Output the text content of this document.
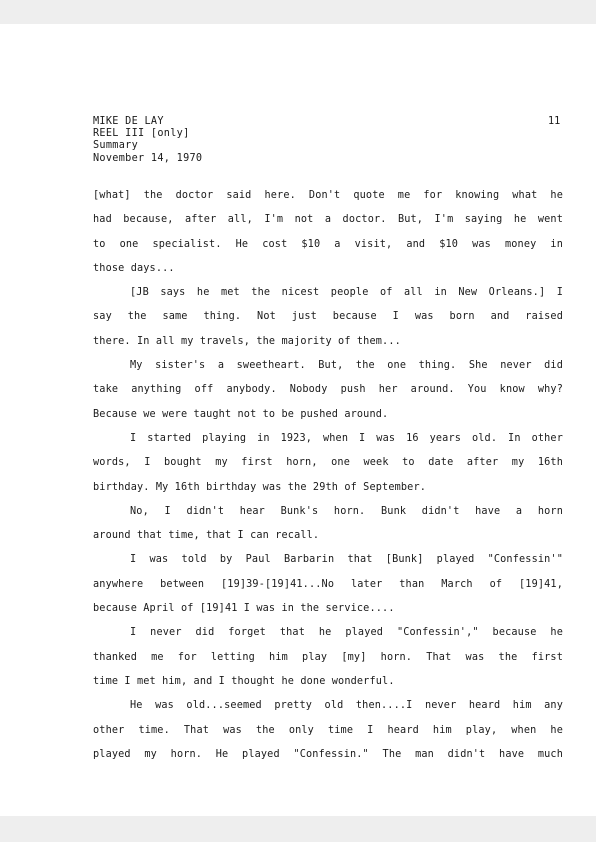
MIKE DE LAY
REEL III [only]
Summary
November 14, 1970
11
[what] the doctor said here. Don't quote me for knowing what he
had because, after all, I'm not a doctor. But, I'm saying he went
to one specialist. He cost $10 a visit, and $10 was money in
those days...
[JB says he met the nicest people of all in New Orleans.] I
say the same thing. Not just because I was born and raised
there. In all my travels, the majority of them...
My sister's a sweetheart. But, the one thing. She never did
take anything off anybody. Nobody push her around. You know why?
Because we were taught not to be pushed around.
I started playing in 1923, when I was 16 years old. In other
words, I bought my first horn, one week to date after my 16th
birthday. My 16th birthday was the 29th of September.
No, I didn't hear Bunk's horn. Bunk didn't have a horn
around that time, that I can recall.
I was told by Paul Barbarin that [Bunk] played "Confessin'"
anywhere between [19]39-[19]41...No later than March of [19]41,
because April of [19]41 I was in the service....
I never did forget that he played "Confessin'," because he
thanked me for letting him play [my] horn. That was the first
time I met him, and I thought he done wonderful.
He was old...seemed pretty old then....I never heard him any
other time. That was the only time I heard him play, when he
played my horn. He played "Confessin." The man didn't have much
